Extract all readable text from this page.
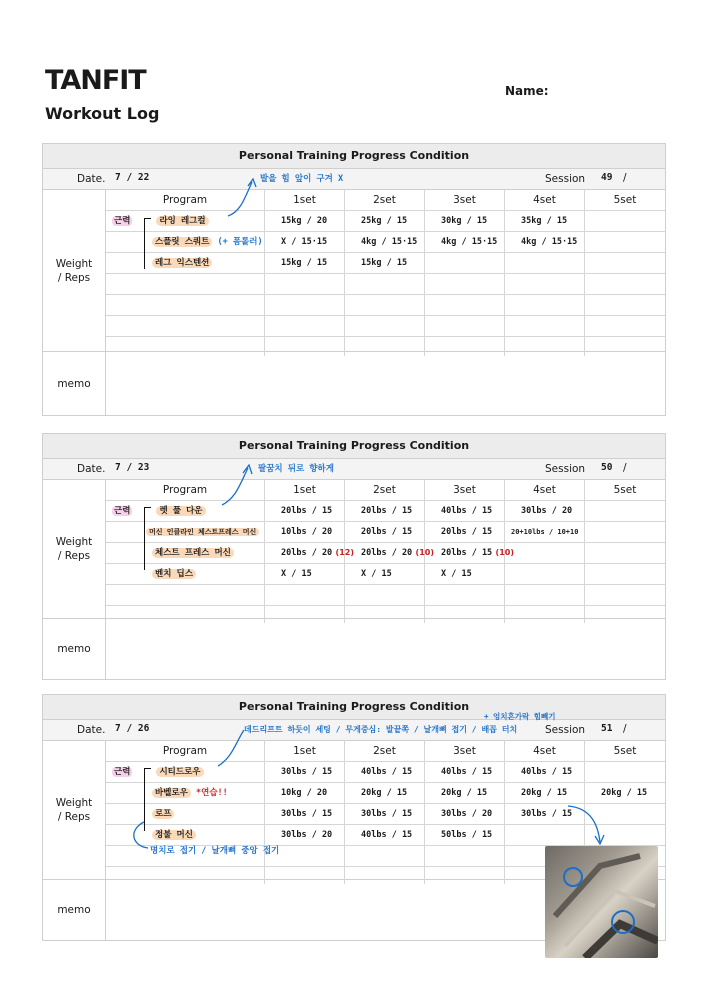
TANFIT
Workout Log
Name:
Personal Training Progress Condition
Date. 7 / 22	Session 49 /
Weight
/ Reps
Program	1set	2set	3set	4set	5set
근력	라잉 레그컬	15kg / 20	25kg / 15	30kg / 15	35kg / 15
스플릿 스쿼트 (+ 폼롤러)	X / 15·15	4kg / 15·15	4kg / 15·15	4kg / 15·15
레그 익스텐션	15kg / 15	15kg / 15
memo
Personal Training Progress Condition
Date. 7 / 23	Session 50 /
Weight
/ Reps
Program	1set	2set	3set	4set	5set
근력	렛 풀 다운	20lbs / 15	20lbs / 15	40lbs / 15	30lbs / 20
머신 인클라인 체스트프레스 머신	10lbs / 20	20lbs / 15	20lbs / 15	20+10lbs / 10+10
체스트 프레스 머신	20lbs / 20 (12) 20lbs / 20 (10) 20lbs / 15 (10)
벤치 딥스	X / 15	X / 15	X / 15
memo
Personal Training Progress Condition
Date. 7 / 26	Session 51 /
Weight
/ Reps
Program	1set	2set	3set	4set	5set
근력	시티드로우	30lbs / 15	40lbs / 15	40lbs / 15	40lbs / 15
바벨로우 *연습!!	10kg / 20	20kg / 15	20kg / 15	20kg / 15	20kg / 15
로프	30lbs / 15	30lbs / 15	30lbs / 20	30lbs / 15
정불 머신	30lbs / 20	40lbs / 15	50lbs / 15
memo
발을 힘 앞이 구겨 X
팔꿈치 뒤로 향하게
데드리프트 하듯이 세팅 / 무게중심: 발끝쪽 / 날개뼈 접기 / 배꼽 터치
+ 엉치흔가락 힘빼기
명치로 접기 / 날개뼈 중앙 접기
